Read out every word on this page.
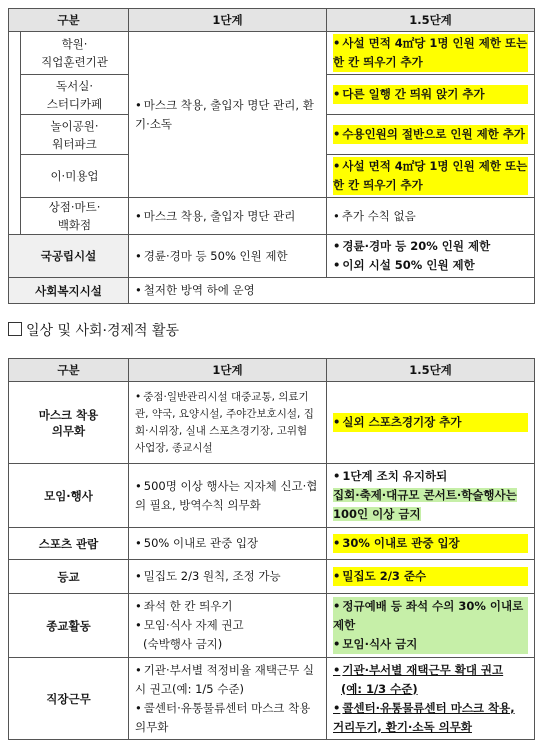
구분		1단계	1.5단계
	학원·
직업훈련기관	• 마스크 착용, 출입자 명단 관리, 환기·소독	• 사설 면적 4㎡당 1명 인원 제한 또는 한 칸 띄우기 추가

	독서실·
스터디카페		• 다른 일행 간 띄워 앉기 추가

	놀이공원·
워터파크		• 수용인원의 절반으로 인원 제한 추가

	이·미용업		• 사설 면적 4㎡당 1명 인원 제한 또는 한 칸 띄우기 추가

	상점·마트·
백화점	• 마스크 착용, 출입자 명단 관리	• 추가 수칙 없음

국공립시설		• 경륜·경마 등 50% 인원 제한	• 경륜·경마 등 20% 인원 제한
• 이외 시설 50% 인원 제한

사회복지시설		• 철저한 방역 하에 운영
일상 및 사회·경제적 활동
구분	1단계	1.5단계
마스크 착용
의무화	• 중점·일반관리시설 대중교통, 의료기관, 약국, 요양시설, 주야간보호시설, 집회·시위장, 실내 스포츠경기장, 고위험 사업장, 종교시설	• 실외 스포츠경기장 추가

모임·행사	• 500명 이상 행사는 지자체 신고·협의 필요, 방역수칙 의무화	• 1단계 조치 유지하되
집회·축제·대규모 콘서트·학술행사는 100인 이상 금지
스포츠 관람	• 50% 이내로 관중 입장	• 30% 이내로 관중 입장

등교	• 밀집도 2/3 원칙, 조정 가능	• 밀집도 2/3 준수

종교활동	• 좌석 한 칸 띄우기
• 모임·식사 자제 권고
(숙박행사 금지)	• 정규예배 등 좌석 수의 30% 이내로 제한
• 모임·식사 금지

직장근무	• 기관·부서별 적정비율 재택근무 실시 권고(예: 1/5 수준)
• 콜센터·유통물류센터 마스크 착용 의무화	• 기관·부서별 재택근무 확대 권고
(예: 1/3 수준)
• 콜센터·유통물류센터 마스크 착용, 거리두기, 환기·소독 의무화
